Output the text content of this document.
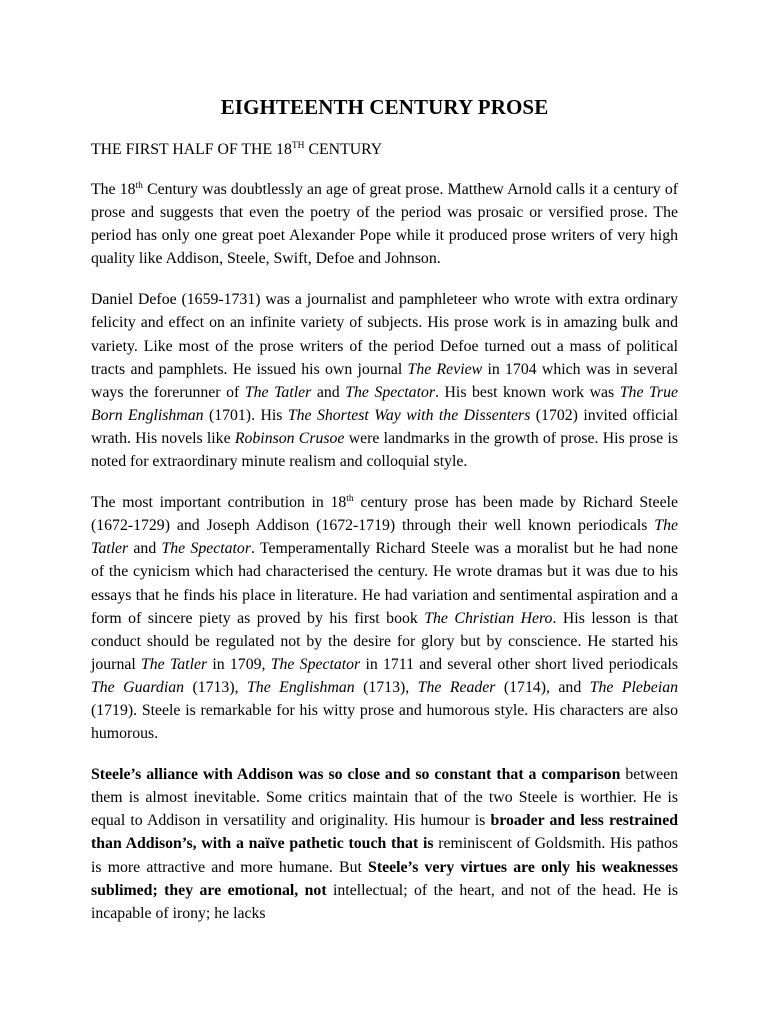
EIGHTEENTH CENTURY PROSE
THE FIRST HALF OF THE 18TH CENTURY

The 18th Century was doubtlessly an age of great prose. Matthew Arnold calls it a century of prose and suggests that even the poetry of the period was prosaic or versified prose. The period has only one great poet Alexander Pope while it produced prose writers of very high quality like Addison, Steele, Swift, Defoe and Johnson.

Daniel Defoe (1659-1731) was a journalist and pamphleteer who wrote with extra ordinary felicity and effect on an infinite variety of subjects. His prose work is in amazing bulk and variety. Like most of the prose writers of the period Defoe turned out a mass of political tracts and pamphlets. He issued his own journal The Review in 1704 which was in several ways the forerunner of The Tatler and The Spectator. His best known work was The True Born Englishman (1701). His The Shortest Way with the Dissenters (1702) invited official wrath. His novels like Robinson Crusoe were landmarks in the growth of prose. His prose is noted for extraordinary minute realism and colloquial style.

The most important contribution in 18th century prose has been made by Richard Steele (1672-1729) and Joseph Addison (1672-1719) through their well known periodicals The Tatler and The Spectator. Temperamentally Richard Steele was a moralist but he had none of the cynicism which had characterised the century. He wrote dramas but it was due to his essays that he finds his place in literature. He had variation and sentimental aspiration and a form of sincere piety as proved by his first book The Christian Hero. His lesson is that conduct should be regulated not by the desire for glory but by conscience. He started his journal The Tatler in 1709, The Spectator in 1711 and several other short lived periodicals The Guardian (1713), The Englishman (1713), The Reader (1714), and The Plebeian (1719). Steele is remarkable for his witty prose and humorous style. His characters are also humorous.

Steele’s alliance with Addison was so close and so constant that a comparison between them is almost inevitable. Some critics maintain that of the two Steele is worthier. He is equal to Addison in versatility and originality. His humour is broader and less restrained than Addison’s, with a naïve pathetic touch that is reminiscent of Goldsmith. His pathos is more attractive and more humane. But Steele’s very virtues are only his weaknesses sublimed; they are emotional, not intellectual; of the heart, and not of the head. He is incapable of irony; he lacks
